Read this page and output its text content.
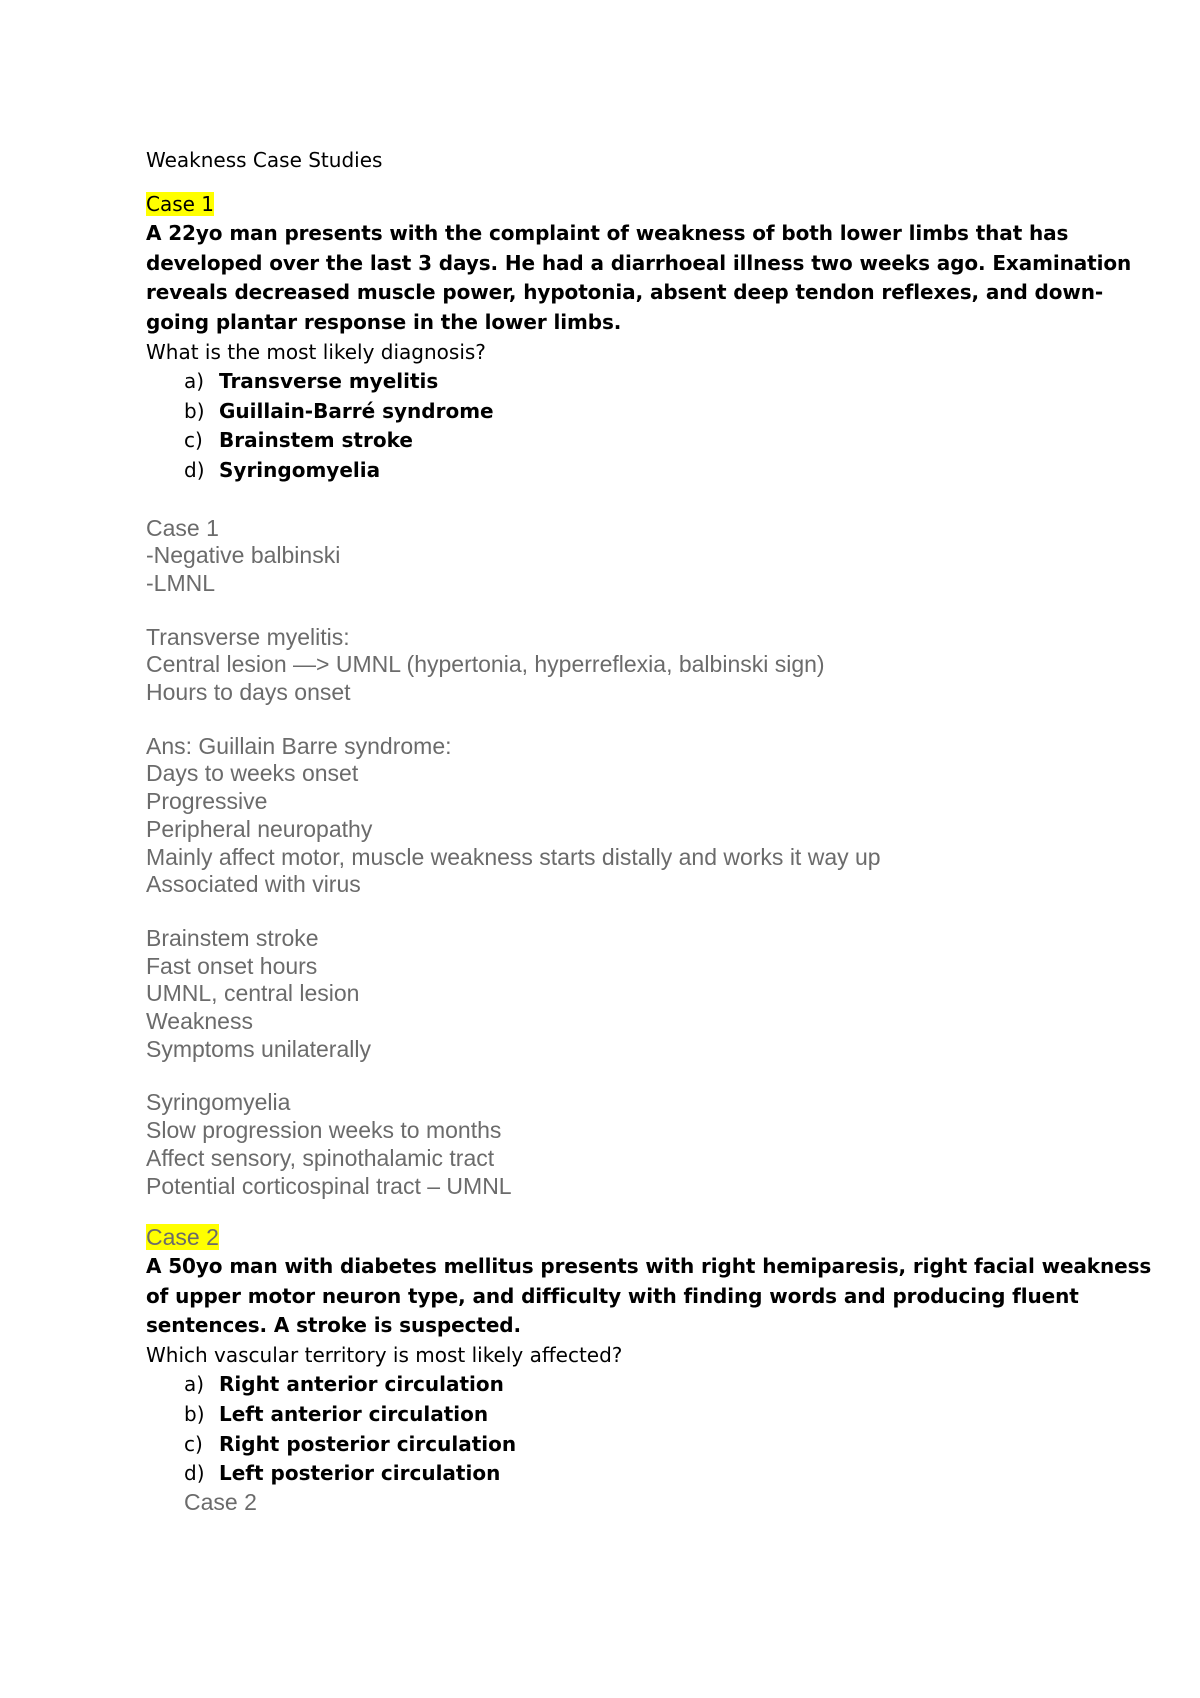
Weakness Case Studies
Case 1
A 22yo man presents with the complaint of weakness of both lower limbs that has
developed over the last 3 days. He had a diarrhoeal illness two weeks ago. Examination
reveals decreased muscle power, hypotonia, absent deep tendon reflexes, and down-
going plantar response in the lower limbs.
What is the most likely diagnosis?
a) Transverse myelitis
b) Guillain-Barré syndrome
c) Brainstem stroke
d) Syringomyelia
Case 1
-Negative balbinski
-LMNL
Transverse myelitis:
Central lesion —> UMNL (hypertonia, hyperreflexia, balbinski sign)
Hours to days onset
Ans: Guillain Barre syndrome:
Days to weeks onset
Progressive
Peripheral neuropathy
Mainly affect motor, muscle weakness starts distally and works it way up
Associated with virus
Brainstem stroke
Fast onset hours
UMNL, central lesion
Weakness
Symptoms unilaterally
Syringomyelia
Slow progression weeks to months
Affect sensory, spinothalamic tract
Potential corticospinal tract – UMNL
Case 2
A 50yo man with diabetes mellitus presents with right hemiparesis, right facial weakness
of upper motor neuron type, and difficulty with finding words and producing fluent
sentences. A stroke is suspected.
Which vascular territory is most likely affected?
a) Right anterior circulation
b) Left anterior circulation
c) Right posterior circulation
d) Left posterior circulation
Case 2
